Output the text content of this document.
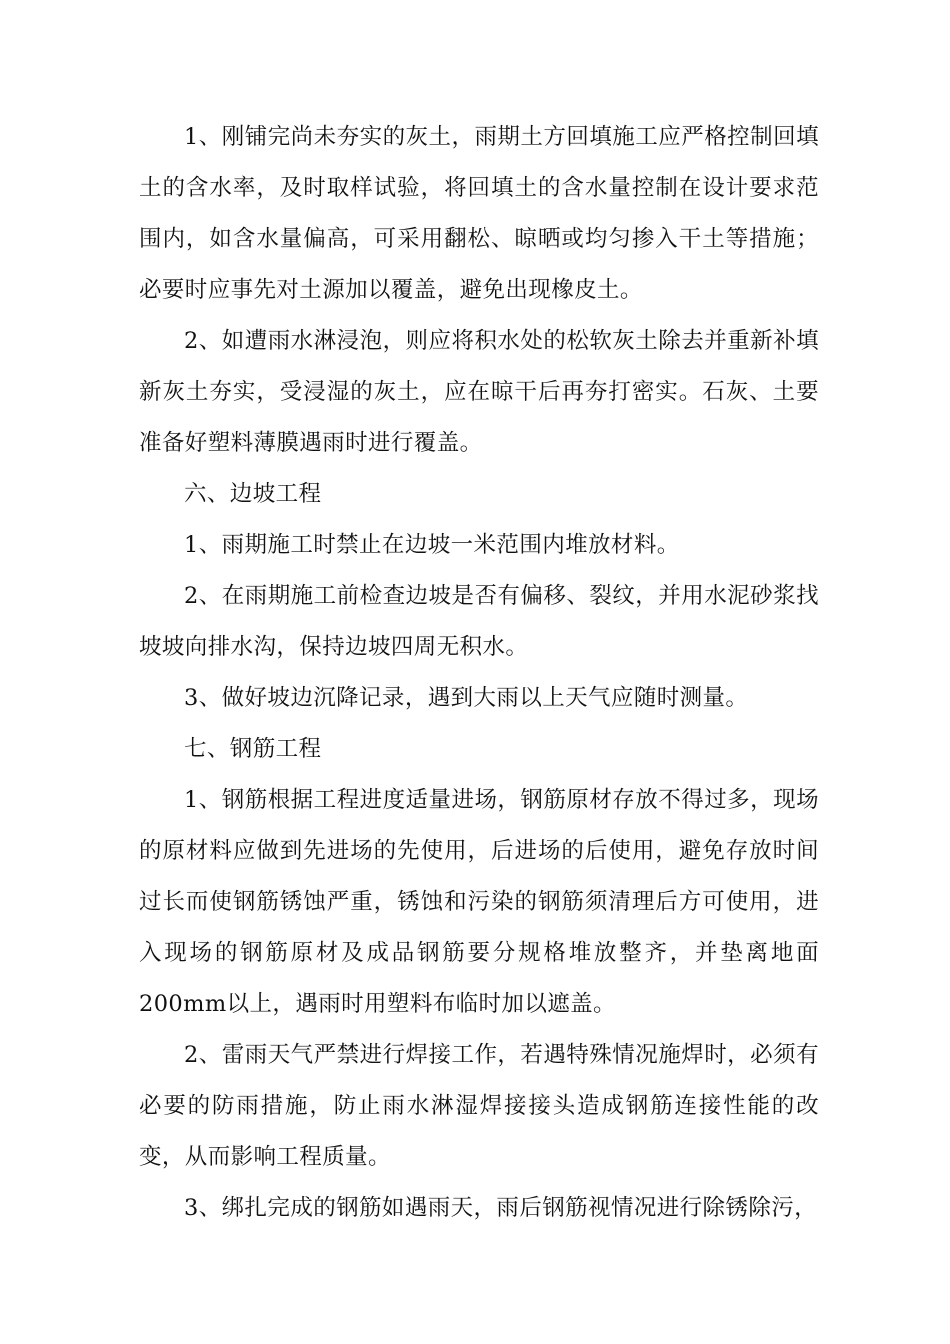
1、刚铺完尚未夯实的灰土，雨期土方回填施工应严格控制回填土的含水率，及时取样试验，将回填土的含水量控制在设计要求范围内，如含水量偏高，可采用翻松、晾晒或均匀掺入干土等措施；必要时应事先对土源加以覆盖，避免出现橡皮土。

2、如遭雨水淋浸泡，则应将积水处的松软灰土除去并重新补填新灰土夯实，受浸湿的灰土，应在晾干后再夯打密实。石灰、土要准备好塑料薄膜遇雨时进行覆盖。

六、边坡工程

1、雨期施工时禁止在边坡一米范围内堆放材料。

2、在雨期施工前检查边坡是否有偏移、裂纹，并用水泥砂浆找坡坡向排水沟，保持边坡四周无积水。

3、做好坡边沉降记录，遇到大雨以上天气应随时测量。

七、钢筋工程

1、钢筋根据工程进度适量进场，钢筋原材存放不得过多，现场的原材料应做到先进场的先使用，后进场的后使用，避免存放时间过长而使钢筋锈蚀严重，锈蚀和污染的钢筋须清理后方可使用，进入现场的钢筋原材及成品钢筋要分规格堆放整齐，并垫离地面200mm以上，遇雨时用塑料布临时加以遮盖。

2、雷雨天气严禁进行焊接工作，若遇特殊情况施焊时，必须有必要的防雨措施，防止雨水淋湿焊接接头造成钢筋连接性能的改变，从而影响工程质量。

3、绑扎完成的钢筋如遇雨天，雨后钢筋视情况进行除锈除污，
